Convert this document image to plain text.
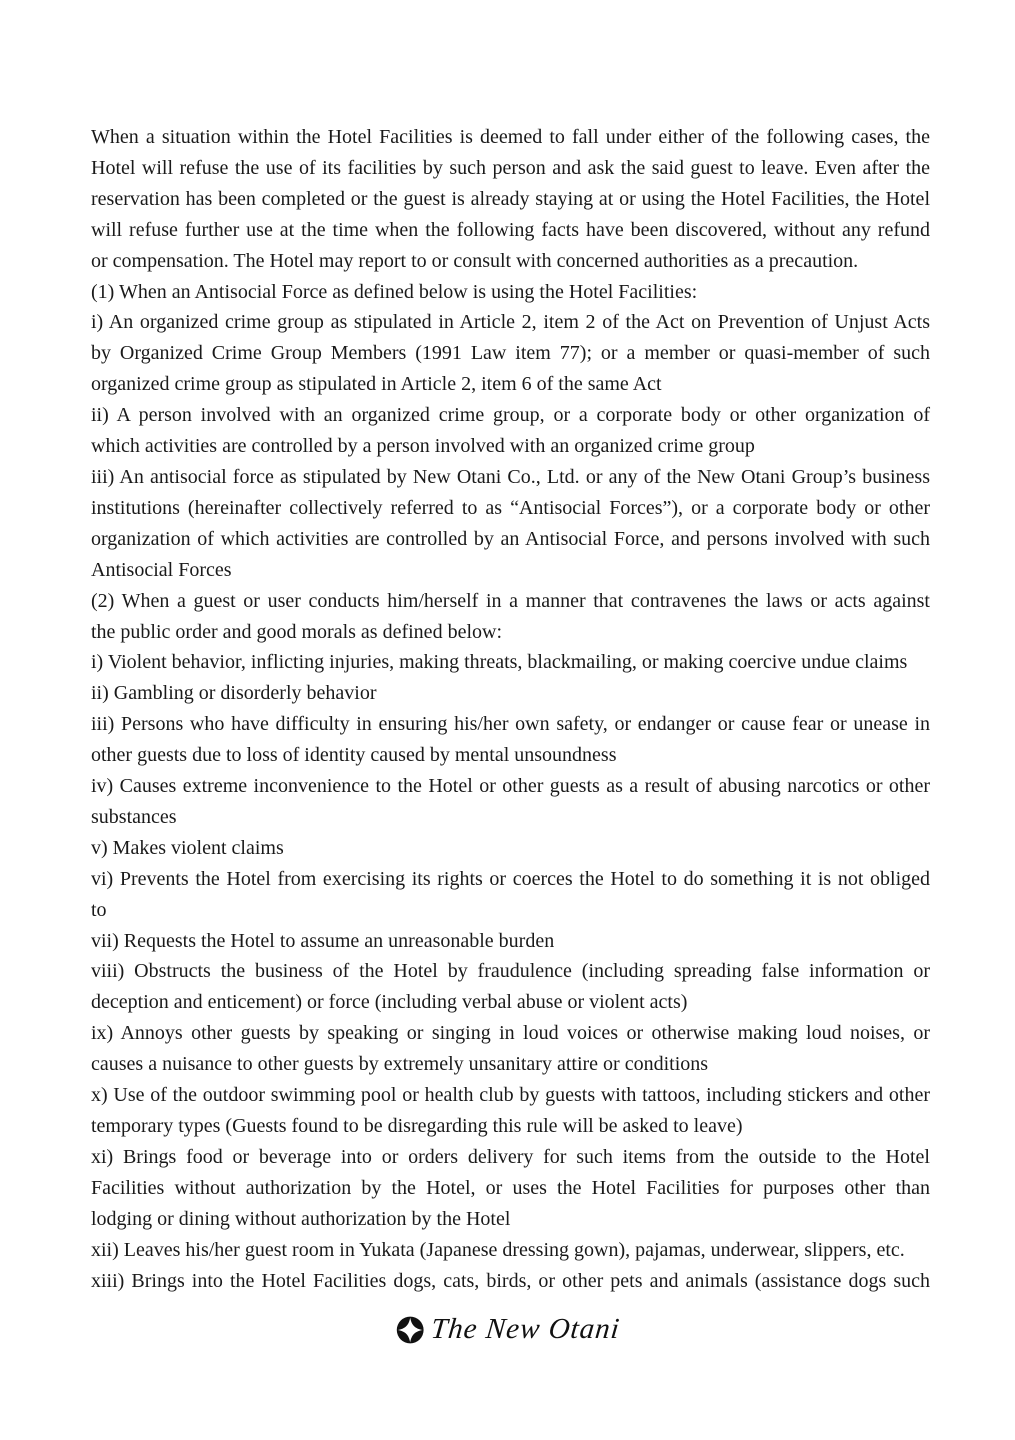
When a situation within the Hotel Facilities is deemed to fall under either of the following cases, the
Hotel will refuse the use of its facilities by such person and ask the said guest to leave. Even after the
reservation has been completed or the guest is already staying at or using the Hotel Facilities, the Hotel
will refuse further use at the time when the following facts have been discovered, without any refund
or compensation. The Hotel may report to or consult with concerned authorities as a precaution.
(1) When an Antisocial Force as defined below is using the Hotel Facilities:
i) An organized crime group as stipulated in Article 2, item 2 of the Act on Prevention of Unjust Acts
by Organized Crime Group Members (1991 Law item 77); or a member or quasi-member of such
organized crime group as stipulated in Article 2, item 6 of the same Act
ii) A person involved with an organized crime group, or a corporate body or other organization of
which activities are controlled by a person involved with an organized crime group
iii) An antisocial force as stipulated by New Otani Co., Ltd. or any of the New Otani Group’s business
institutions (hereinafter collectively referred to as “Antisocial Forces”), or a corporate body or other
organization of which activities are controlled by an Antisocial Force, and persons involved with such
Antisocial Forces
(2) When a guest or user conducts him/herself in a manner that contravenes the laws or acts against
the public order and good morals as defined below:
i) Violent behavior, inflicting injuries, making threats, blackmailing, or making coercive undue claims
ii) Gambling or disorderly behavior
iii) Persons who have difficulty in ensuring his/her own safety, or endanger or cause fear or unease in
other guests due to loss of identity caused by mental unsoundness
iv) Causes extreme inconvenience to the Hotel or other guests as a result of abusing narcotics or other
substances
v) Makes violent claims
vi) Prevents the Hotel from exercising its rights or coerces the Hotel to do something it is not obliged
to
vii) Requests the Hotel to assume an unreasonable burden
viii) Obstructs the business of the Hotel by fraudulence (including spreading false information or
deception and enticement) or force (including verbal abuse or violent acts)
ix) Annoys other guests by speaking or singing in loud voices or otherwise making loud noises, or
causes a nuisance to other guests by extremely unsanitary attire or conditions
x) Use of the outdoor swimming pool or health club by guests with tattoos, including stickers and other
temporary types (Guests found to be disregarding this rule will be asked to leave)
xi) Brings food or beverage into or orders delivery for such items from the outside to the Hotel
Facilities without authorization by the Hotel, or uses the Hotel Facilities for purposes other than
lodging or dining without authorization by the Hotel
xii) Leaves his/her guest room in Yukata (Japanese dressing gown), pajamas, underwear, slippers, etc.
xiii) Brings into the Hotel Facilities dogs, cats, birds, or other pets and animals (assistance dogs such
The New Otani
